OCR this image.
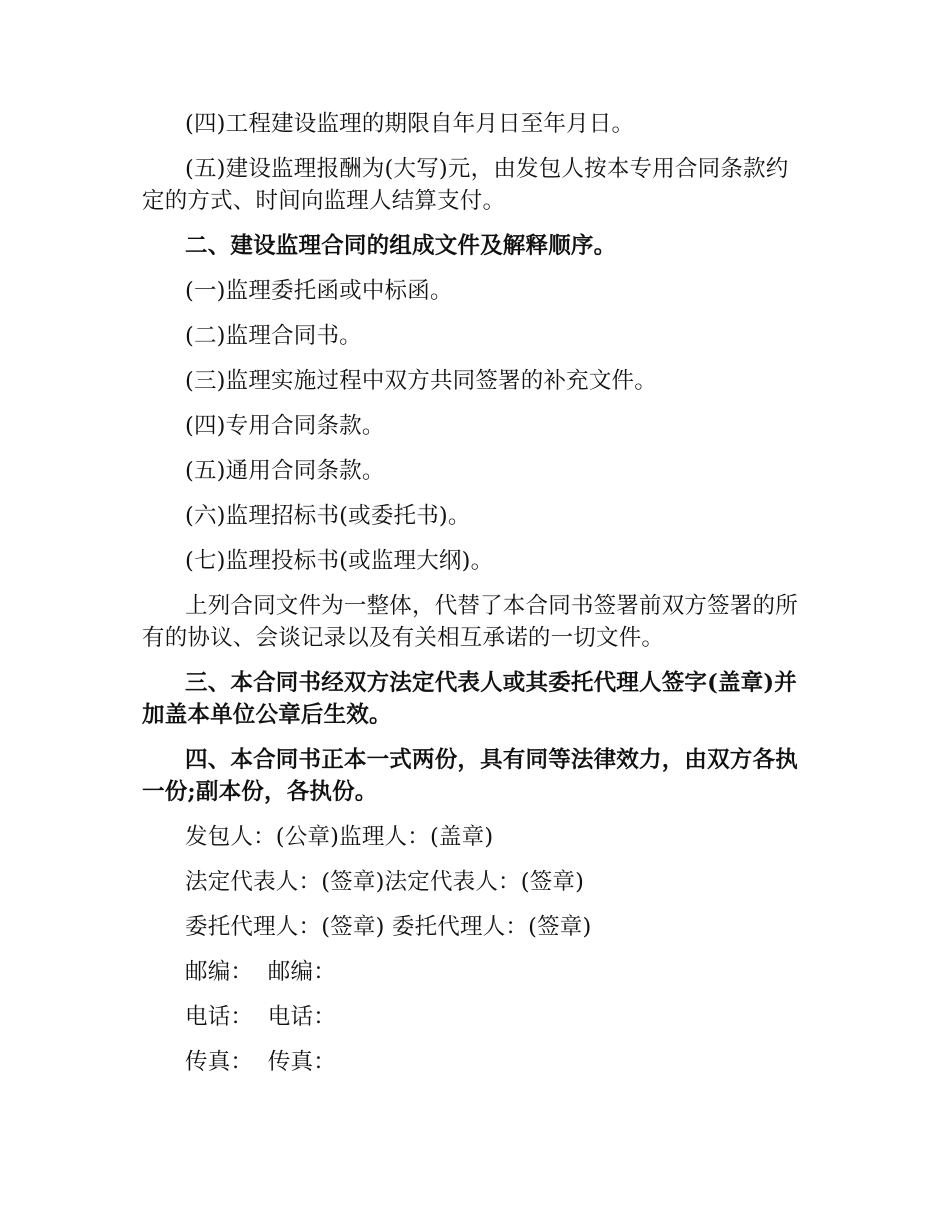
(四)工程建设监理的期限自年月日至年月日。

(五)建设监理报酬为(大写)元，由发包人按本专用合同条款约定的方式、时间向监理人结算支付。

二、建设监理合同的组成文件及解释顺序。

(一)监理委托函或中标函。

(二)监理合同书。

(三)监理实施过程中双方共同签署的补充文件。

(四)专用合同条款。

(五)通用合同条款。

(六)监理招标书(或委托书)。

(七)监理投标书(或监理大纲)。

上列合同文件为一整体，代替了本合同书签署前双方签署的所有的协议、会谈记录以及有关相互承诺的一切文件。

三、本合同书经双方法定代表人或其委托代理人签字(盖章)并加盖本单位公章后生效。

四、本合同书正本一式两份，具有同等法律效力，由双方各执一份;副本份，各执份。

发包人：(公章)监理人：(盖章)

法定代表人：(签章)法定代表人：(签章)

委托代理人：(签章) 委托代理人：(签章)

邮编：  邮编：

电话：  电话：

传真：  传真：
